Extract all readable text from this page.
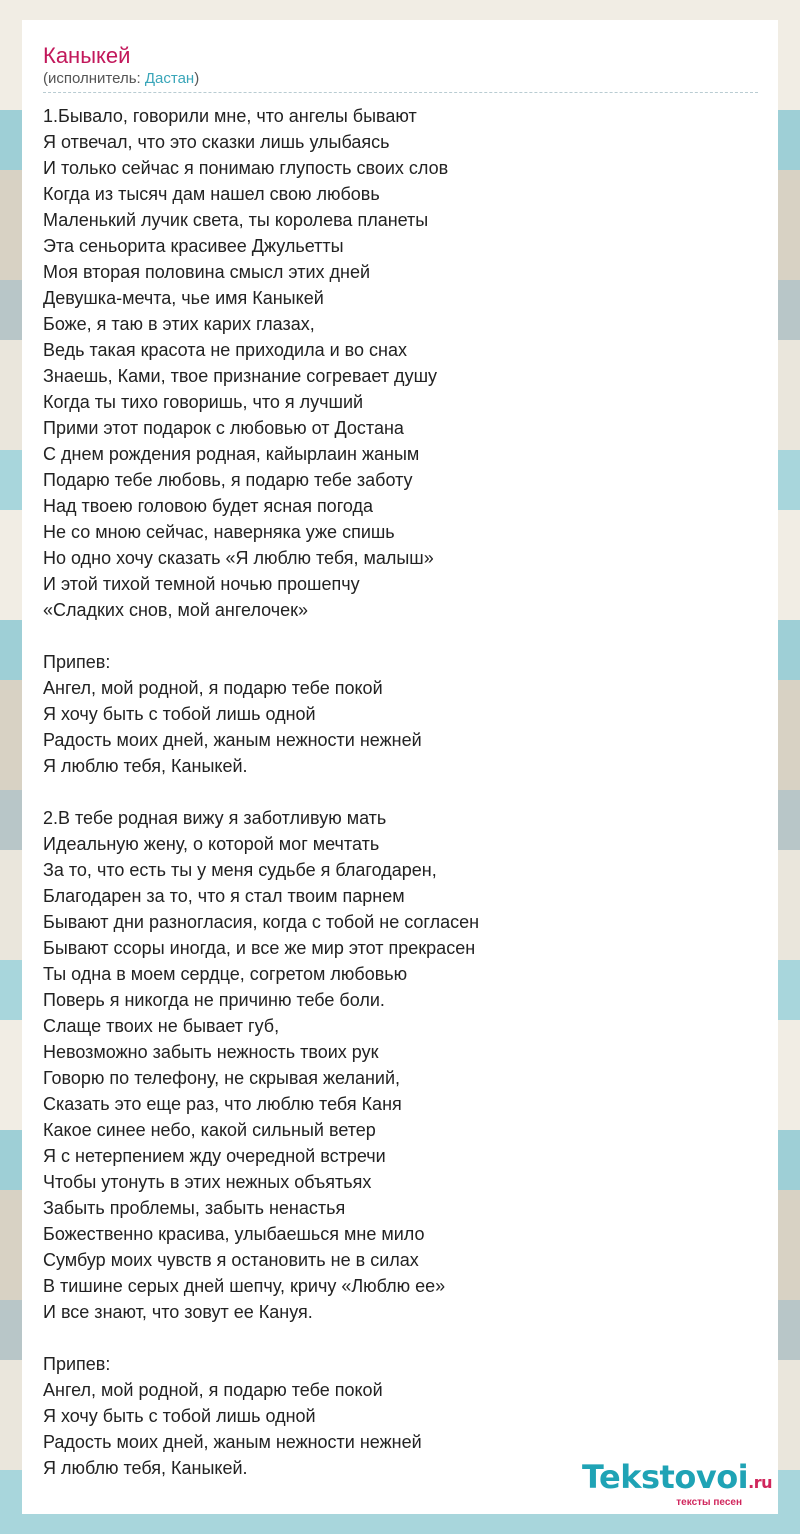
Каныкей
(исполнитель: Дастан)
1.Бывало, говорили мне, что ангелы бывают
Я отвечал, что это сказки лишь улыбаясь
И только сейчас я понимаю глупость своих слов
Когда из тысяч дам нашел свою любовь
Маленький лучик света, ты королева планеты
Эта сеньорита красивее Джульетты
Моя вторая половина смысл этих дней
Девушка-мечта, чье имя Каныкей
Боже, я таю в этих карих глазах,
Ведь такая красота не приходила и во снах
Знаешь, Ками, твое признание согревает душу
Когда ты тихо говоришь, что я лучший
Прими этот подарок с любовью от Достана
С днем рождения родная, кайырлаин жаным
Подарю тебе любовь, я подарю тебе заботу
Над твоею головою будет ясная погода
Не со мною сейчас, наверняка уже спишь
Но одно хочу сказать «Я люблю тебя, малыш»
И этой тихой темной ночью прошепчу
«Сладких снов, мой ангелочек»
Припев:
Ангел, мой родной, я подарю тебе покой
Я хочу быть с тобой лишь одной
Радость моих дней, жаным нежности нежней
Я люблю тебя, Каныкей.
2.В тебе родная вижу я заботливую мать
Идеальную жену, о которой мог мечтать
За то, что есть ты у меня судьбе я благодарен,
Благодарен за то, что я стал твоим парнем
Бывают дни разногласия, когда с тобой не согласен
Бывают ссоры иногда, и все же мир этот прекрасен
Ты одна в моем сердце, согретом любовью
Поверь я никогда не причиню тебе боли.
Слаще твоих не бывает губ,
Невозможно забыть нежность твоих рук
Говорю по телефону, не скрывая желаний,
Сказать это еще раз, что люблю тебя Каня
Какое синее небо, какой сильный ветер
Я с нетерпением жду очередной встречи
Чтобы утонуть в этих нежных объятьях
Забыть проблемы, забыть ненастья
Божественно красива, улыбаешься мне мило
Сумбур моих чувств я остановить не в силах
В тишине серых дней шепчу, кричу «Люблю ее»
И все знают, что зовут ее Кануя.
Припев:
Ангел, мой родной, я подарю тебе покой
Я хочу быть с тобой лишь одной
Радость моих дней, жаным нежности нежней
Я люблю тебя, Каныкей.	Tekstovoi.ru
тексты песен
